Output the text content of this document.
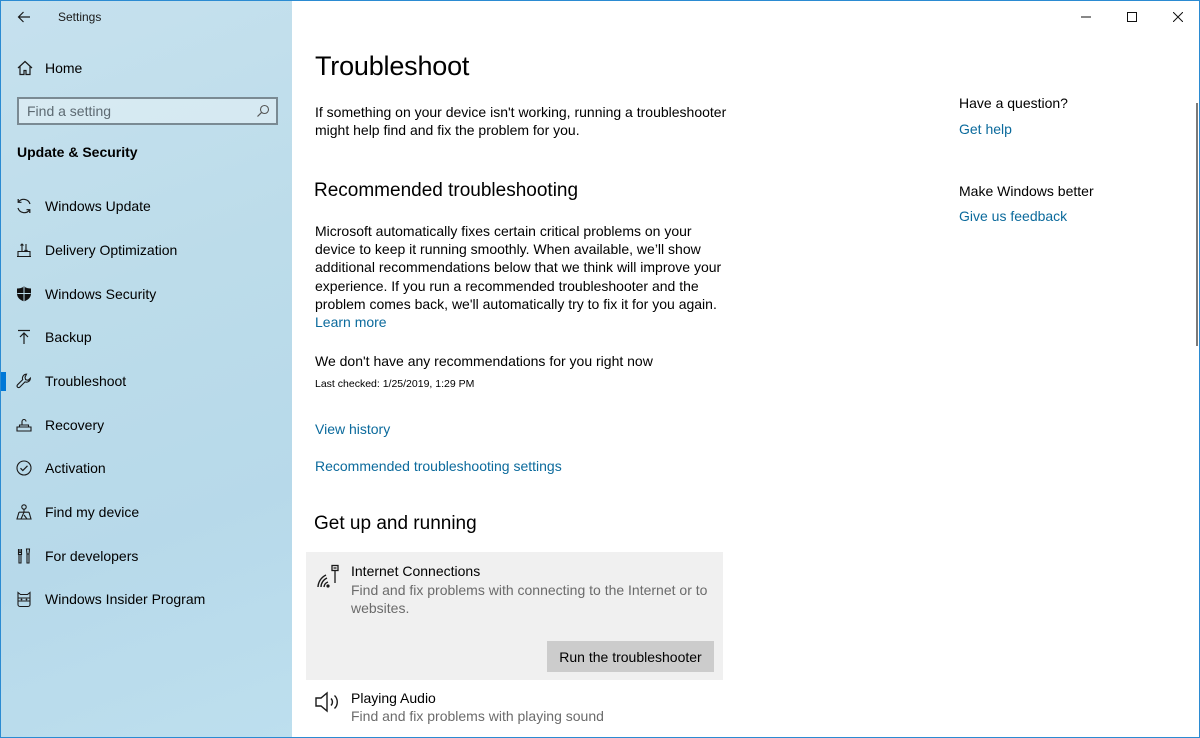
Settings
Home
Find a setting
Update & Security
Windows Update
Delivery Optimization
Windows Security
Backup
Troubleshoot
Recovery
Activation
Find my device
For developers
Windows Insider Program
Troubleshoot

If something on your device isn't working, running a troubleshooter might help find and fix the problem for you.

Recommended troubleshooting
Microsoft automatically fixes certain critical problems on your device to keep it running smoothly. When available, we’ll show additional recommendations below that we think will improve your experience. If you run a recommended troubleshooter and the problem comes back, we'll automatically try to fix it for you again.
Learn more
We don't have any recommendations for you right now
Last checked: 1/25/2019, 1:29 PM
View history
Recommended troubleshooting settings
Get up and running
Internet Connections
Find and fix problems with connecting to the Internet or to websites.
Run the troubleshooter
Playing Audio
Find and fix problems with playing sound
Have a question?
Get help
Make Windows better
Give us feedback
